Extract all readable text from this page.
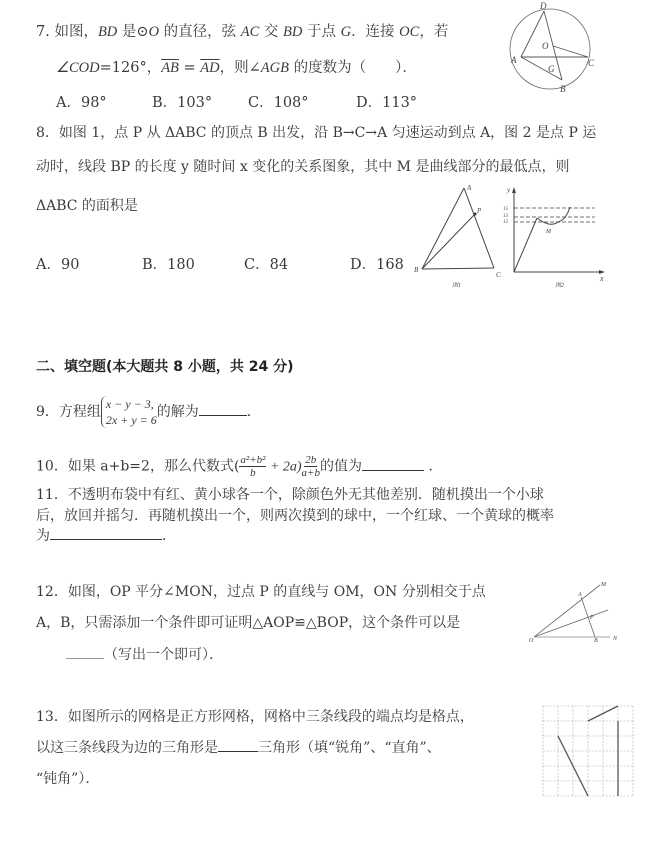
7. 如图，BD 是⊙O 的直径，弦 AC 交 BD 于点 G．连接 OC，若
∠COD=126°，$\overline{AB} = \overline{AD}$，则∠AGB 的度数为（　　）．
A．98°	B．103° C．108°	D．113°
D
O
A
G
C
B
8．如图 1，点 P 从 ΔABC 的顶点 B 出发，沿 B→C→A 匀速运动到点 A，图 2 是点 P 运
动时，线段 BP 的长度 y 随时间 x 变化的关系图象，其中 M 是曲线部分的最低点，则
ΔABC 的面积是
A．90	B．180	C．84	D．168
A
P
B
C
图1
y
x
15
13
12
M
图2
二、填空题(本大题共 8 小题，共 24 分)
9．方程组
x − y − 3,
2x + y = 6 的解为	．
10．如果 a+b=2，那么代数式( $\frac{\text{a²+b²}}{b} + 2a) \frac{2b}{a+b}$ 的值为	．
11．不透明布袋中有红、黄小球各一个，除颜色外无其他差别．随机摸出一个小球
后，放回并摇匀．再随机摸出一个，则两次摸到的球中，一个红球、一个黄球的概率
为	．
12．如图，OP 平分∠MON，过点 P 的直线与 OM，ON 分别相交于点
A，B，只需添加一个条件即可证明△AOP≌△BOP，这个条件可以是
（写出一个即可）．
M
A
P
O	B	N
13．如图所示的网格是正方形网格，网格中三条线段的端点均是格点，
以这三条线段为边的三角形是	三角形（填“锐角”、“直角”、
“钝角”）．
